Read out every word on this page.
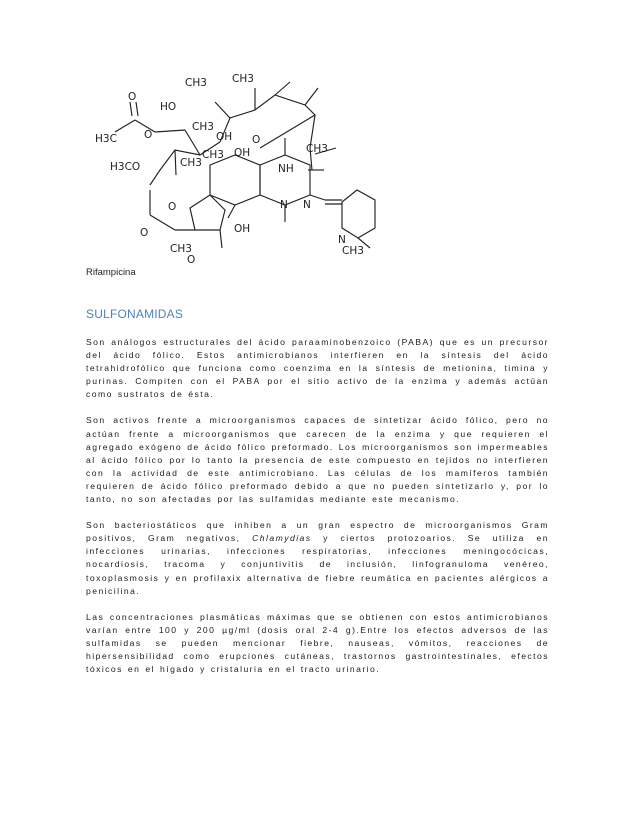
HO
CH3 CH3
CH3
CH3
CH3
CH3
CH3
CH3
OH
OH
OH
H3CO
H3C
O
O	O
O
O
O
NH
N N
N
Rifampicina
SULFONAMIDAS

Son análogos estructurales del ácido paraaminobenzoico (PABA) que es un precursor del ácido fólico. Estos antimicrobianos interfieren en la síntesis del ácido tetrahidrofólico que funciona como coenzima en la síntesis de metionina, timina y purinas. Compiten con el PABA por el sitio activo de la enzima y además actúan como sustratos de ésta.

Son activos frente a microorganismos capaces de sintetizar ácido fólico, pero no actúan frente a microorganismos que carecen de la enzima y que requieren el agregado exógeno de ácido fólico preformado. Los microorganismos son impermeables al ácido fólico por lo tanto la presencia de este compuesto en tejidos no interfieren con la actividad de este antimicrobiano. Las células de los mamíferos también requieren de ácido fólico preformado debido a que no pueden sintetizarlo y, por lo tanto, no son afectadas por las sulfamidas mediante este mecanismo.

Son bacteriostáticos que inhiben a un gran espectro de microorganismos Gram positivos, Gram negativos, Chlamydias y ciertos protozoarios. Se utiliza en infecciones urinarias, infecciones respiratorias, infecciones meningocócicas, nocardiosis, tracoma y conjuntivitis de inclusión, linfogranuloma venéreo, toxoplasmosis y en profilaxix alternativa de fiebre reumática en pacientes alérgicos a penicilina.

Las concentraciones plasmáticas máximas que se obtienen con estos antimicrobianos varían entre 100 y 200 µg/ml (dosis oral 2-4 g).Entre los efectos adversos de las sulfamidas se pueden mencionar fiebre, nauseas, vómitos, reacciones de hipersensibilidad como erupciones cutáneas, trastornos gastrointestinales, efectos tóxicos en el hígado y cristaluria en el tracto urinario.
